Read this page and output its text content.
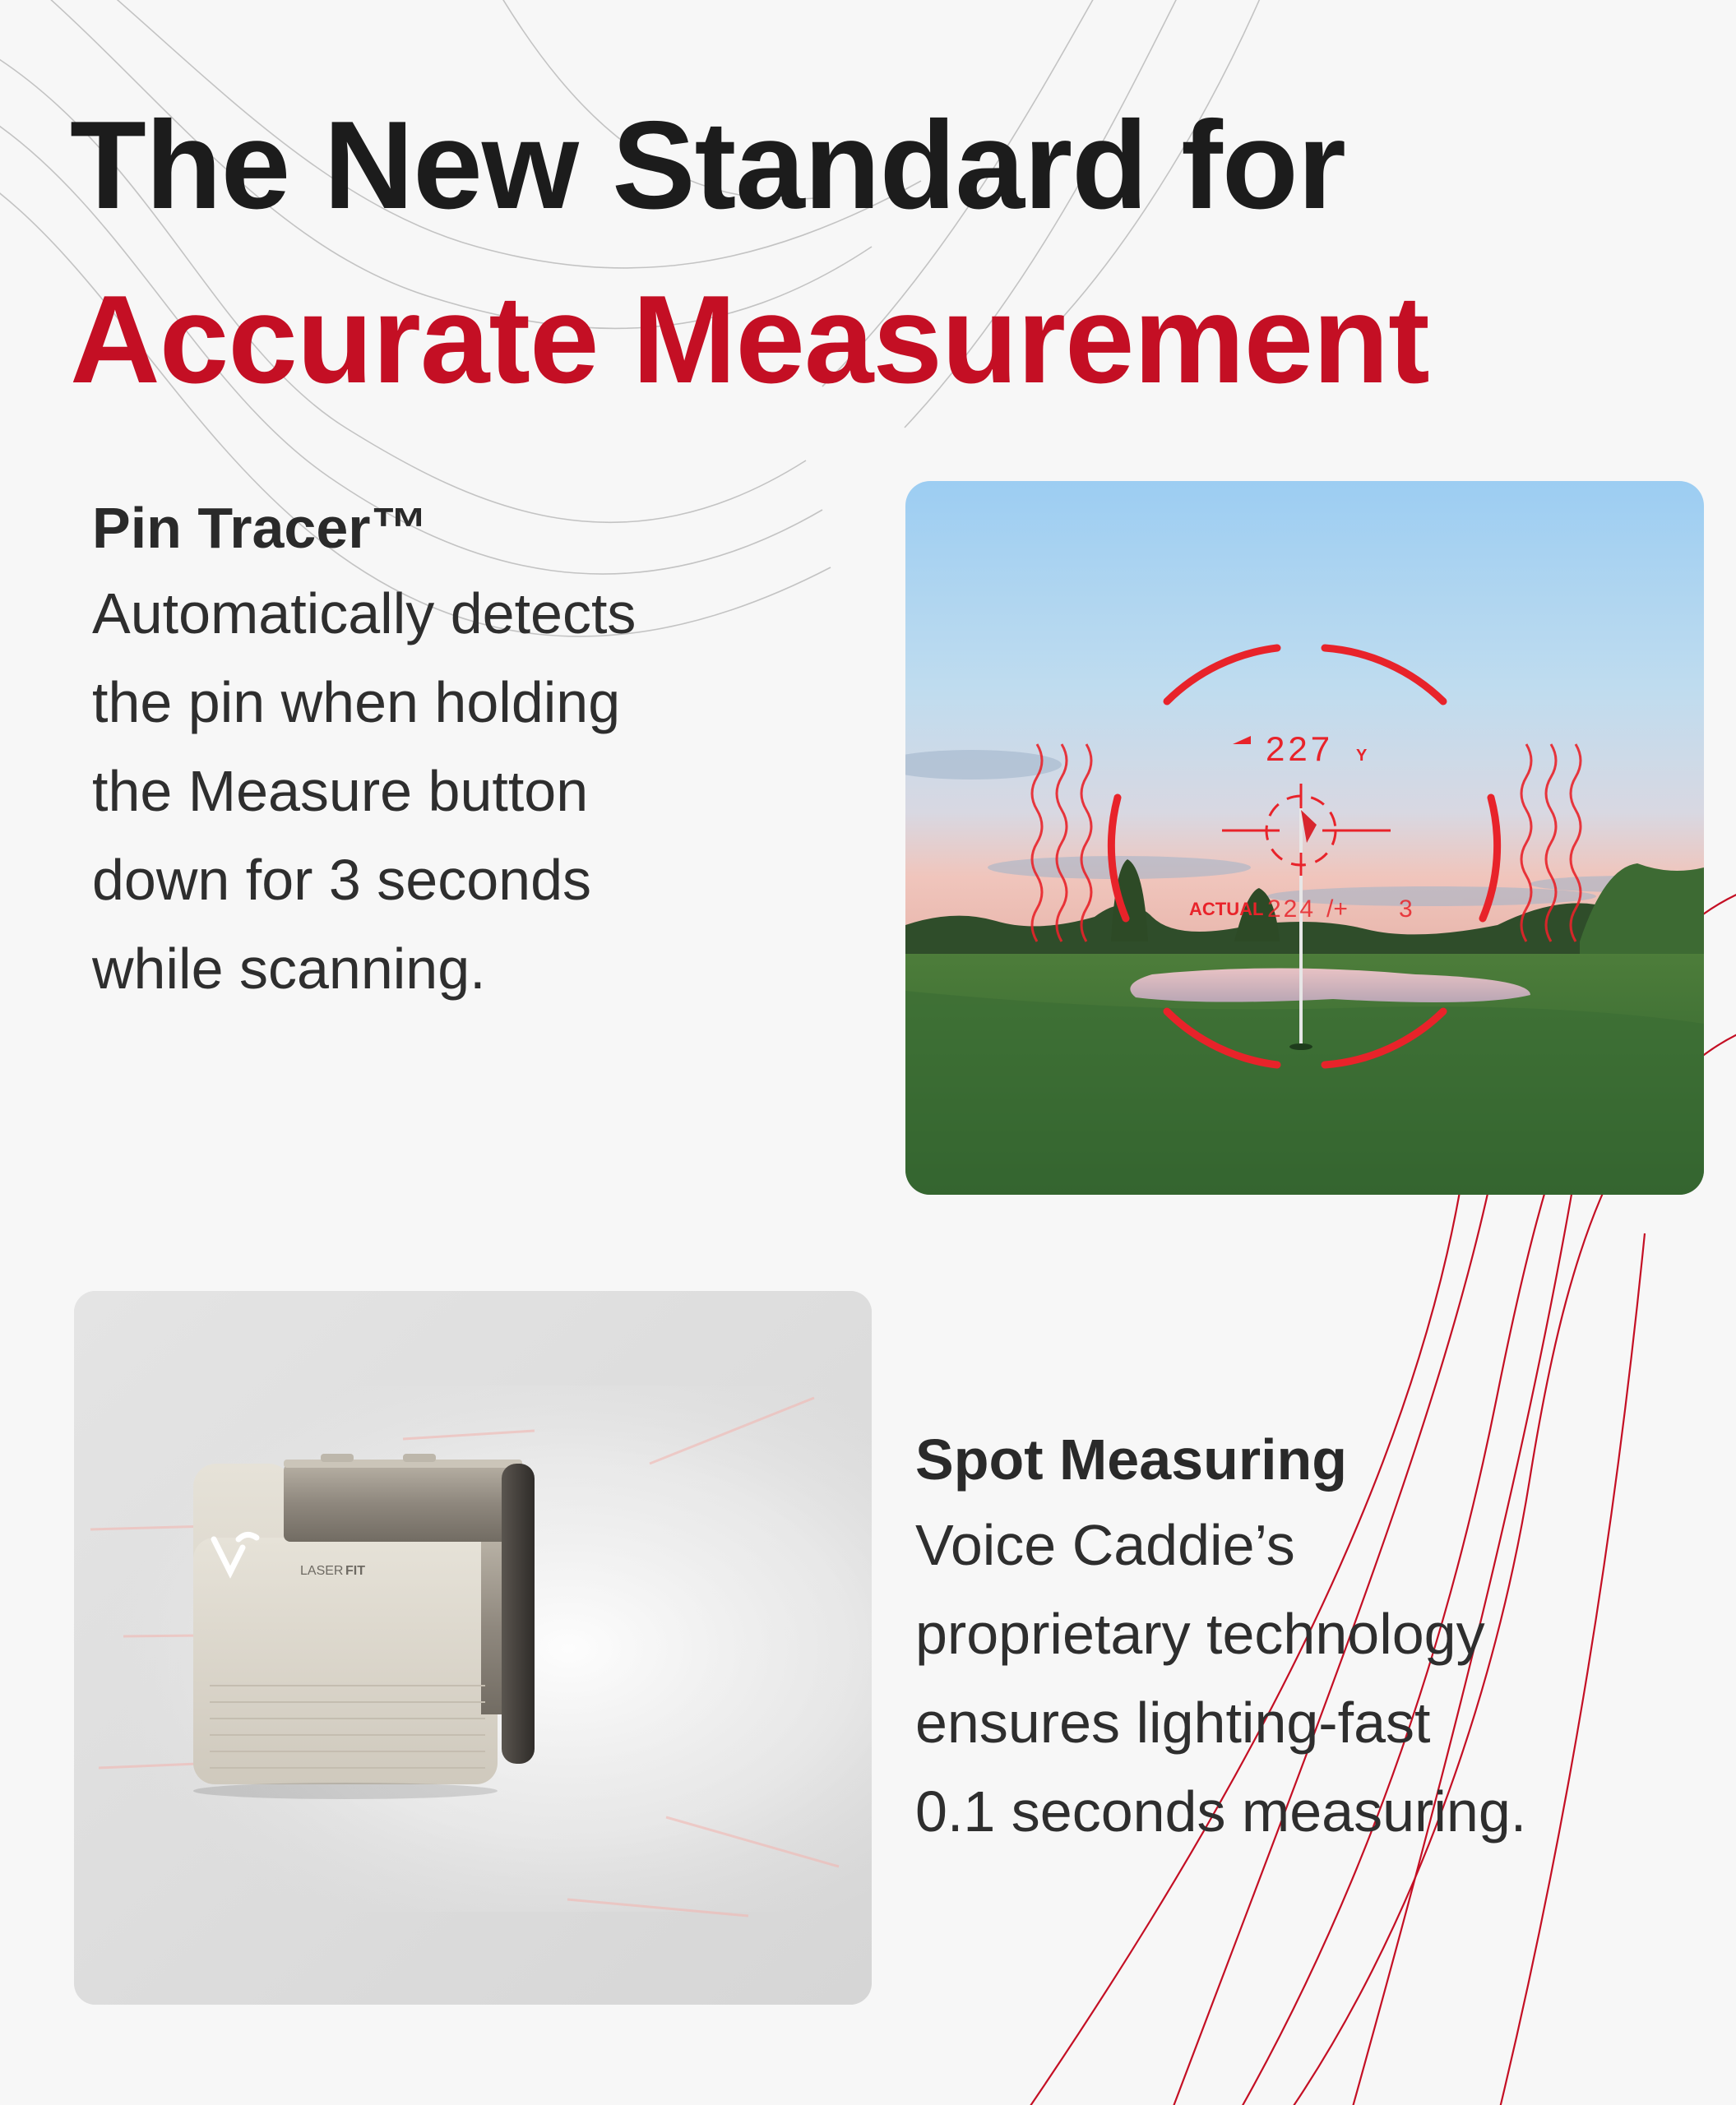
The New Standard for
Accurate Measurement
Pin Tracer™

Automatically detects
the pin when holding
the Measure button
down for 3 seconds
while scanning.

227 Y
ACTUAL 224 /+ 3
LASER FIT
Spot Measuring

Voice Caddie’s
proprietary technology
ensures lighting-fast
0.1 seconds measuring.
